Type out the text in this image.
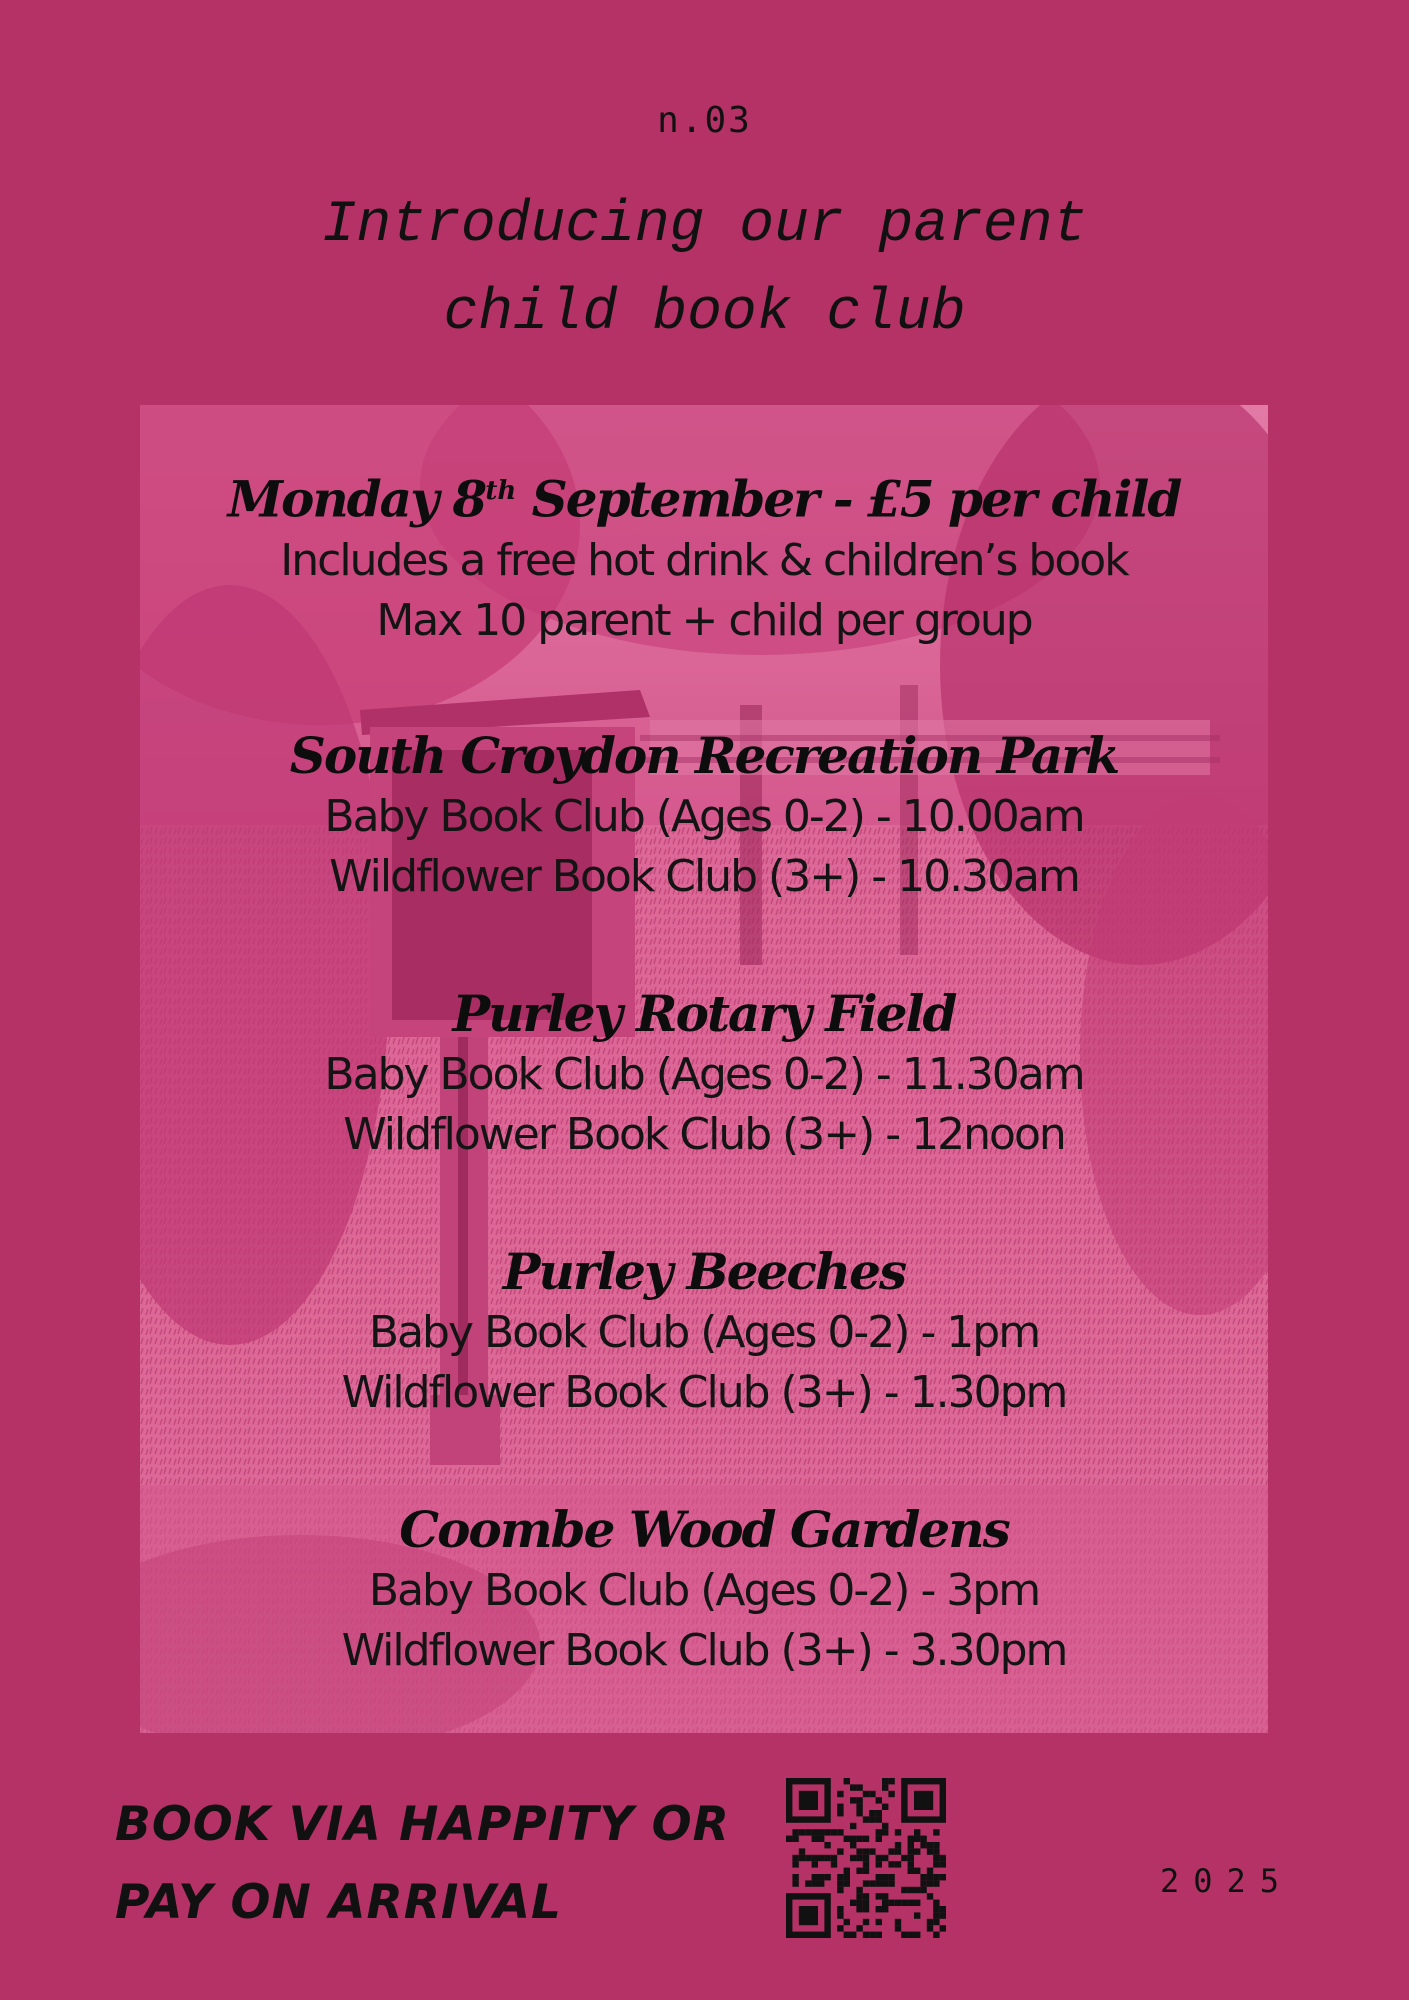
n.03
Introducing our parent
child book club
Monday 8th September - £5 per child
Includes a free hot drink & children’s book
Max 10 parent + child per group
South Croydon Recreation Park
Baby Book Club (Ages 0-2) - 10.00am
Wildflower Book Club (3+) - 10.30am
Purley Rotary Field
Baby Book Club (Ages 0-2) - 11.30am
Wildflower Book Club (3+) - 12noon
Purley Beeches
Baby Book Club (Ages 0-2) - 1pm
Wildflower Book Club (3+) - 1.30pm
Coombe Wood Gardens
Baby Book Club (Ages 0-2) - 3pm
Wildflower Book Club (3+) - 3.30pm
BOOK VIA HAPPITY OR
PAY ON ARRIVAL	2025
